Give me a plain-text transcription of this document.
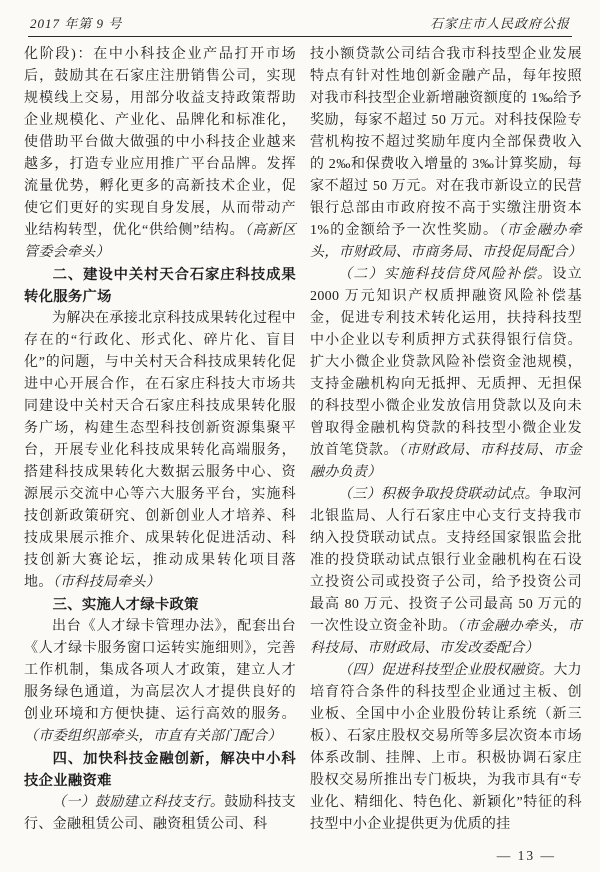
2017 年第 9 号	石家庄市人民政府公报

化阶段)：在中小科技企业产品打开市场后，鼓励其在石家庄注册销售公司，实现规模线上交易，用部分收益支持政策帮助企业规模化、产业化、品牌化和标准化，使借助平台做大做强的中小科技企业越来越多，打造专业应用推广平台品牌。发挥流量优势，孵化更多的高新技术企业，促使它们更好的实现自身发展，从而带动产业结构转型，优化“供给侧”结构。（高新区管委会牵头）

二、建设中关村天合石家庄科技成果转化服务广场

为解决在承接北京科技成果转化过程中存在的“行政化、形式化、碎片化、盲目化”的问题，与中关村天合科技成果转化促进中心开展合作，在石家庄科技大市场共同建设中关村天合石家庄科技成果转化服务广场，构建生态型科技创新资源集聚平台，开展专业化科技成果转化高端服务，搭建科技成果转化大数据云服务中心、资源展示交流中心等六大服务平台，实施科技创新政策研究、创新创业人才培养、科技成果展示推介、成果转化促进活动、科技创新大赛论坛，推动成果转化项目落地。（市科技局牵头）

三、实施人才绿卡政策

出台《人才绿卡管理办法》，配套出台《人才绿卡服务窗口运转实施细则》，完善工作机制，集成各项人才政策，建立人才服务绿色通道，为高层次人才提供良好的创业环境和方便快捷、运行高效的服务。（市委组织部牵头，市直有关部门配合）

四、加快科技金融创新，解决中小科技企业融资难

（一）鼓励建立科技支行。鼓励科技支行、金融租赁公司、融资租赁公司、科

技小额贷款公司结合我市科技型企业发展特点有针对性地创新金融产品，每年按照对我市科技型企业新增融资额度的 1‰给予奖励，每家不超过 50 万元。对科技保险专营机构按不超过奖励年度内全部保费收入的 2‰和保费收入增量的 3‰计算奖励，每家不超过 50 万元。对在我市新设立的民营银行总部由市政府按不高于实缴注册资本 1%的金额给予一次性奖励。（市金融办牵头，市财政局、市商务局、市投促局配合）

（二）实施科技信贷风险补偿。设立 2000 万元知识产权质押融资风险补偿基金，促进专利技术转化运用，扶持科技型中小企业以专利质押方式获得银行信贷。扩大小微企业贷款风险补偿资金池规模，支持金融机构向无抵押、无质押、无担保的科技型小微企业发放信用贷款以及向未曾取得金融机构贷款的科技型小微企业发放首笔贷款。（市财政局、市科技局、市金融办负责）

（三）积极争取投贷联动试点。争取河北银监局、人行石家庄中心支行支持我市纳入投贷联动试点。支持经国家银监会批准的投贷联动试点银行业金融机构在石设立投资公司或投资子公司，给予投资公司最高 80 万元、投资子公司最高 50 万元的一次性设立资金补助。（市金融办牵头，市科技局、市财政局、市发改委配合）

（四）促进科技型企业股权融资。大力培育符合条件的科技型企业通过主板、创业板、全国中小企业股份转让系统（新三板）、石家庄股权交易所等多层次资本市场体系改制、挂牌、上市。积极协调石家庄股权交易所推出专门板块，为我市具有“专业化、精细化、特色化、新颖化”特征的科技型中小企业提供更为优质的挂

— 13 —
